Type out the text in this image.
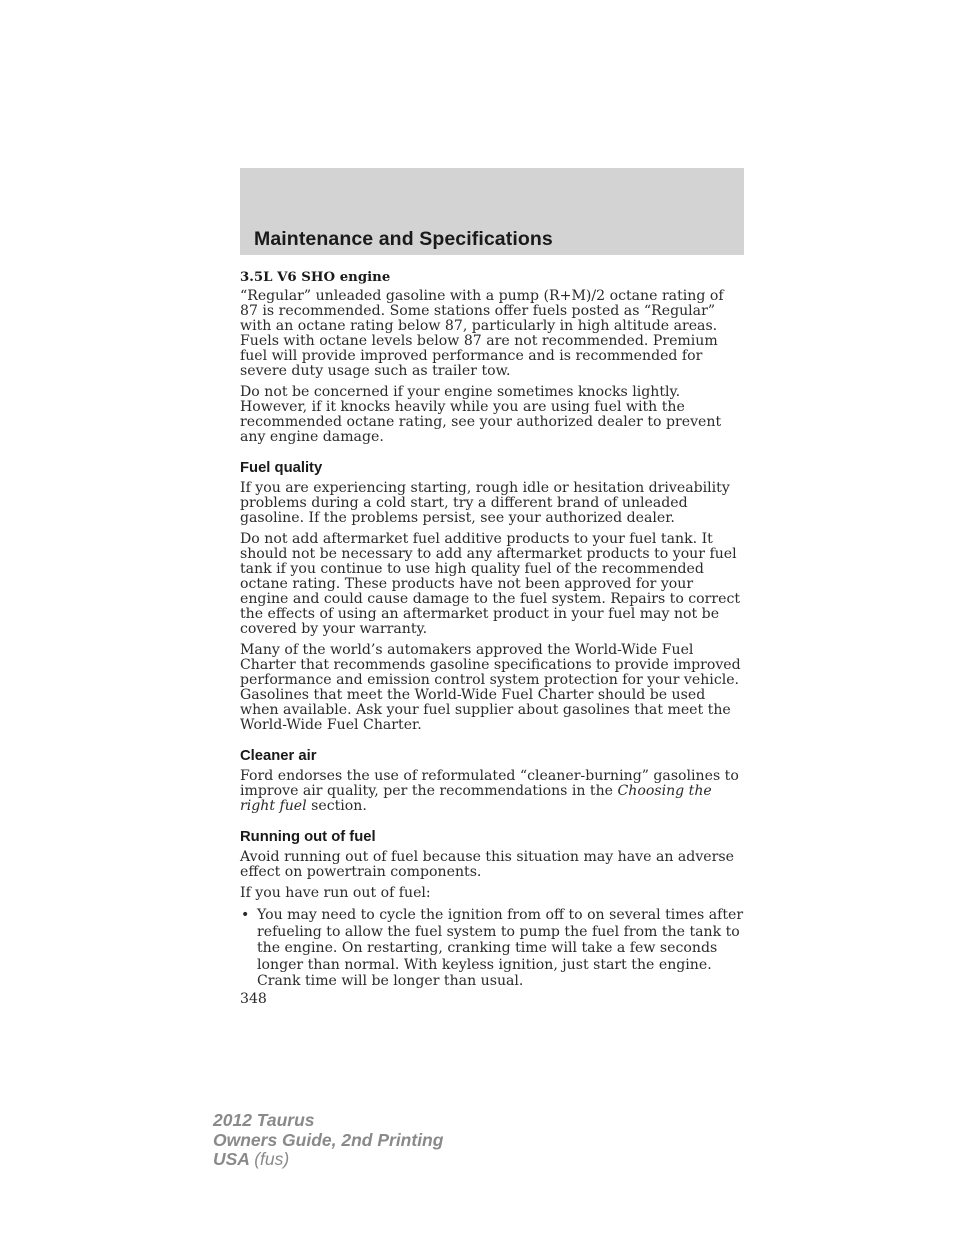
Maintenance and Specifications
3.5L V6 SHO engine

“Regular” unleaded gasoline with a pump (R+M)/2 octane rating of 87 is recommended. Some stations offer fuels posted as “Regular” with an octane rating below 87, particularly in high altitude areas. Fuels with octane levels below 87 are not recommended. Premium fuel will provide improved performance and is recommended for severe duty usage such as trailer tow.

Do not be concerned if your engine sometimes knocks lightly. However, if it knocks heavily while you are using fuel with the recommended octane rating, see your authorized dealer to prevent any engine damage.

Fuel quality

If you are experiencing starting, rough idle or hesitation driveability problems during a cold start, try a different brand of unleaded gasoline. If the problems persist, see your authorized dealer.

Do not add aftermarket fuel additive products to your fuel tank. It should not be necessary to add any aftermarket products to your fuel tank if you continue to use high quality fuel of the recommended octane rating. These products have not been approved for your engine and could cause damage to the fuel system. Repairs to correct the effects of using an aftermarket product in your fuel may not be covered by your warranty.

Many of the world’s automakers approved the World-Wide Fuel Charter that recommends gasoline specifications to provide improved performance and emission control system protection for your vehicle. Gasolines that meet the World-Wide Fuel Charter should be used when available. Ask your fuel supplier about gasolines that meet the World-Wide Fuel Charter.

Cleaner air

Ford endorses the use of reformulated “cleaner-burning” gasolines to improve air quality, per the recommendations in the Choosing the right fuel section.

Running out of fuel

Avoid running out of fuel because this situation may have an adverse effect on powertrain components.

If you have run out of fuel:

• You may need to cycle the ignition from off to on several times after refueling to allow the fuel system to pump the fuel from the tank to the engine. On restarting, cranking time will take a few seconds longer than normal. With keyless ignition, just start the engine. Crank time will be longer than usual.
348
2012 Taurus
Owners Guide, 2nd Printing
USA (fus)
